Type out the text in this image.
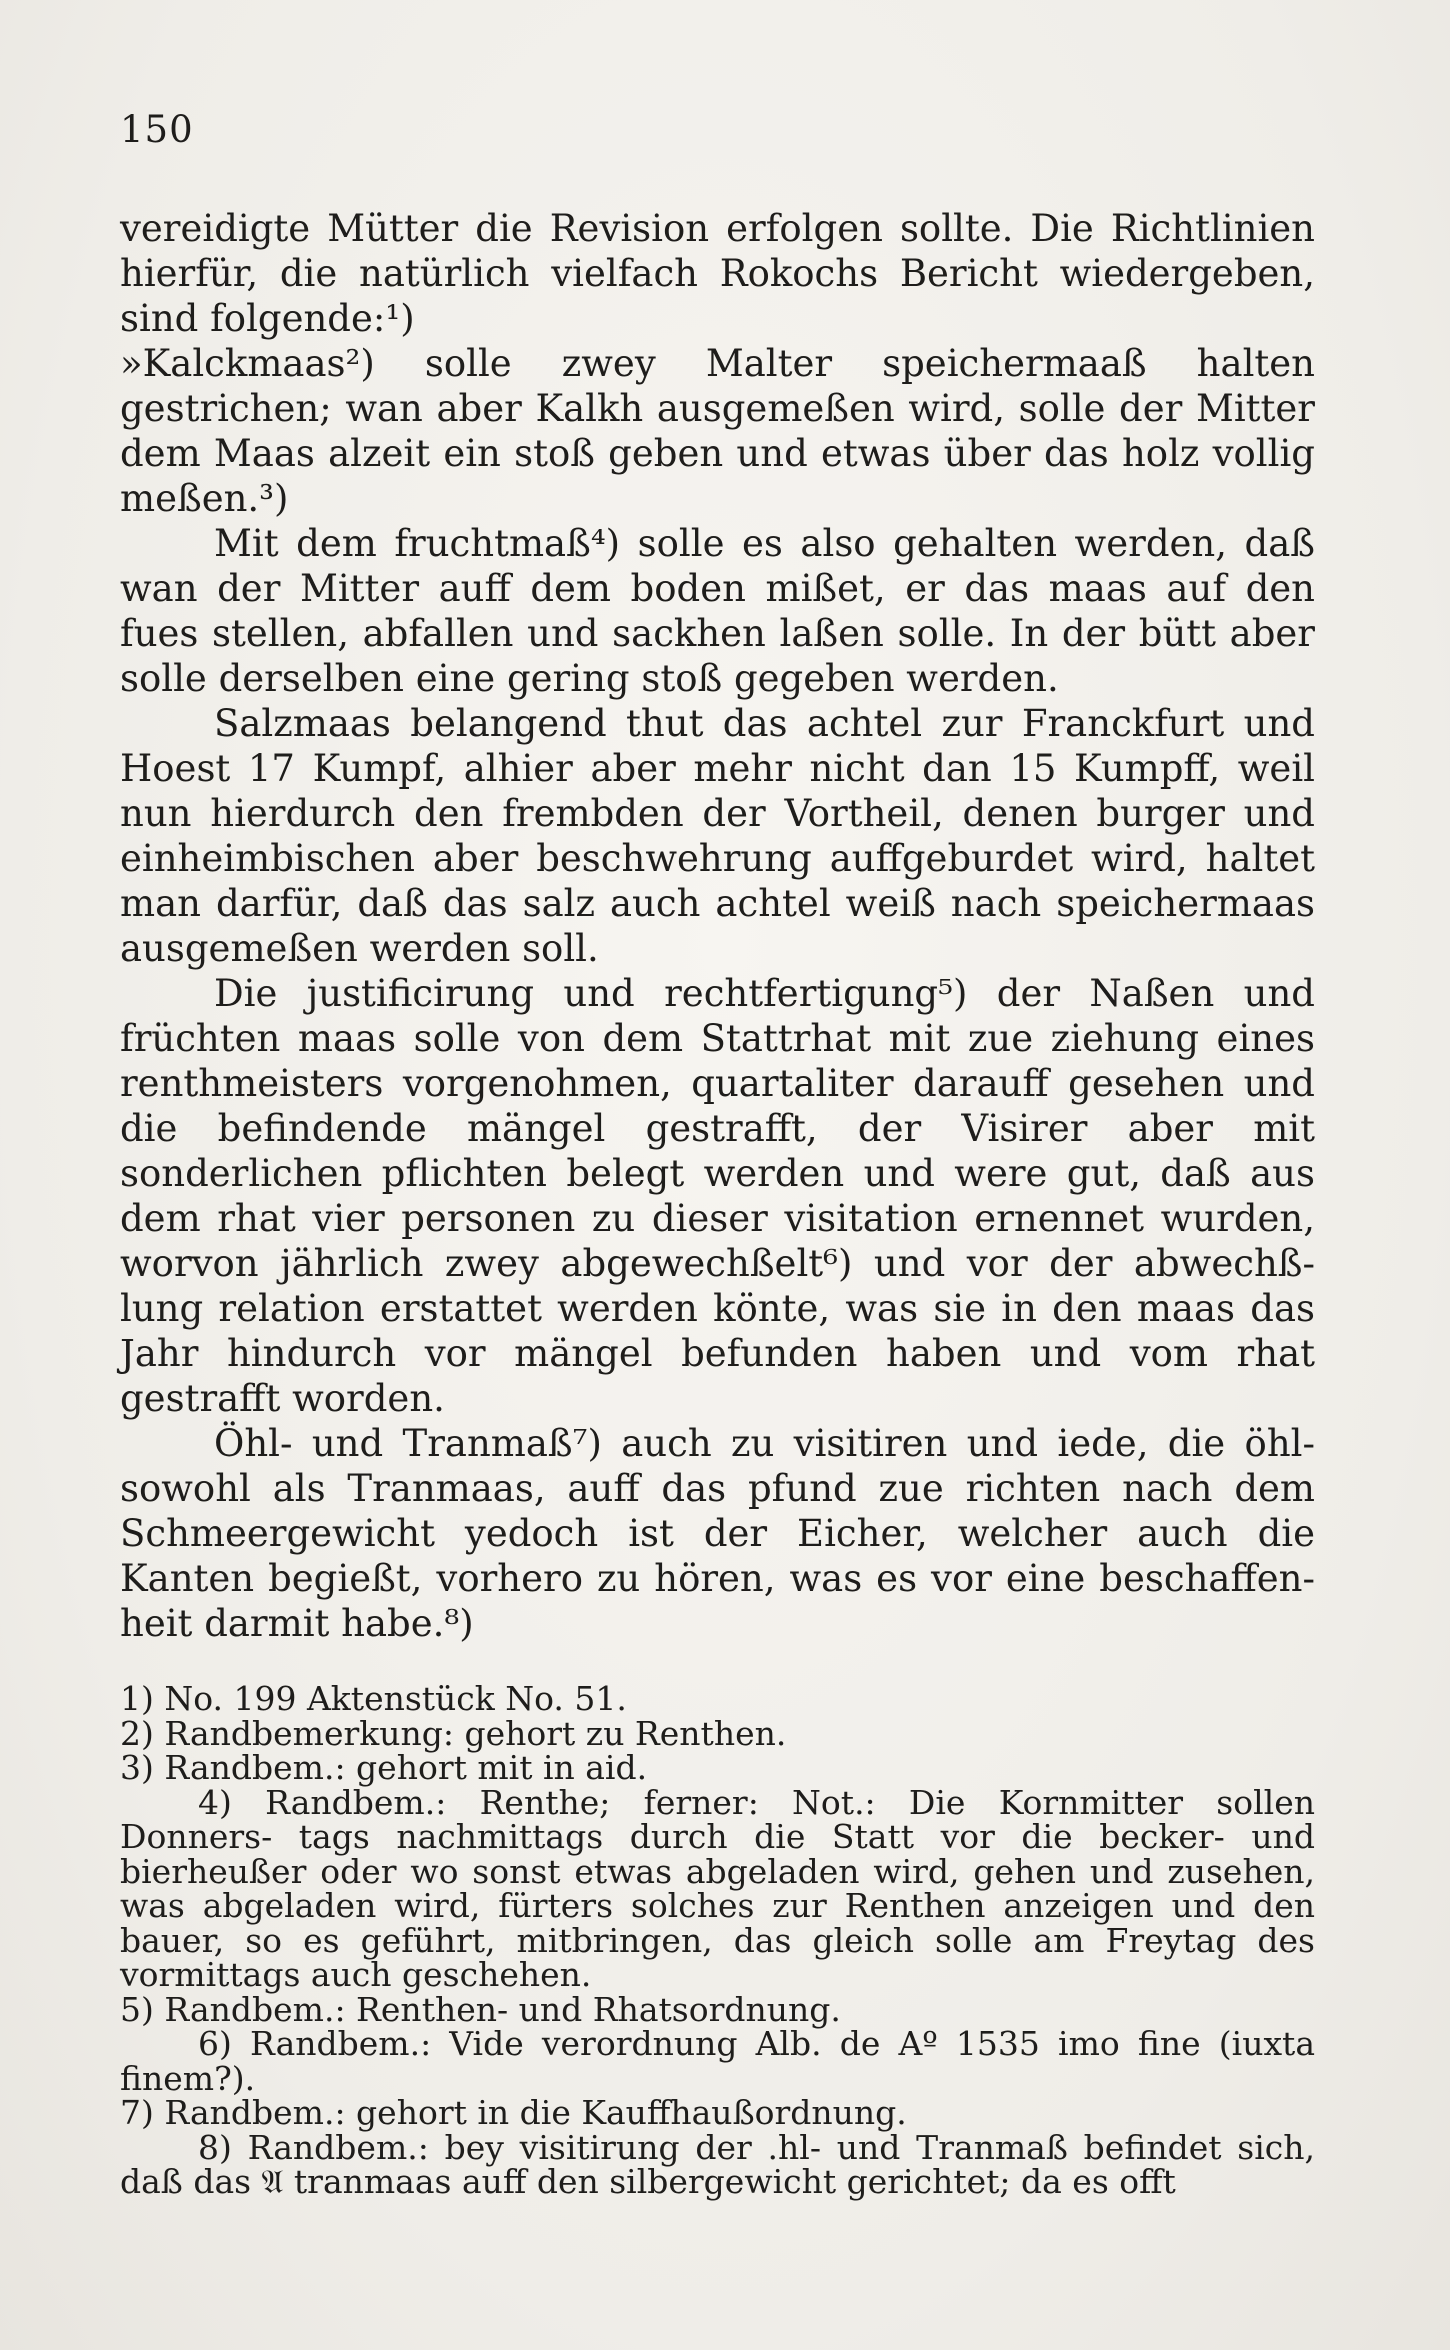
150

vereidigte Mütter die Revision erfolgen sollte. Die Richtlinien hierfür, die natürlich vielfach Rokochs Bericht wiedergeben, sind folgende:¹)

»Kalckmaas²) solle zwey Malter speichermaaß halten gestrichen; wan aber Kalkh ausgemeßen wird, solle der Mitter dem Maas alzeit ein stoß geben und etwas über das holz vollig meßen.³)

Mit dem fruchtmaß⁴) solle es also gehalten werden, daß wan der Mitter auff dem boden mißet, er das maas auf den fues stellen, abfallen und sackhen laßen solle. In der bütt aber solle derselben eine gering stoß gegeben werden.

Salzmaas belangend thut das achtel zur Franckfurt und Hoest 17 Kumpf, alhier aber mehr nicht dan 15 Kumpff, weil nun hierdurch den frembden der Vortheil, denen burger und einheimbischen aber beschwehrung auffgeburdet wird, haltet man darfür, daß das salz auch achtel weiß nach speichermaas ausgemeßen werden soll.

Die justificirung und rechtfertigung⁵) der Naßen und früchten maas solle von dem Stattrhat mit zue ziehung eines renthmeisters vorgenohmen, quartaliter darauff gesehen und die befindende mängel gestrafft, der Visirer aber mit sonderlichen pflichten belegt werden und were gut, daß aus dem rhat vier personen zu dieser visitation ernennet wurden, worvon jährlich zwey abgewechßelt⁶) und vor der abwechß- lung relation erstattet werden könte, was sie in den maas das Jahr hindurch vor mängel befunden haben und vom rhat gestrafft worden.

Öhl- und Tranmaß⁷) auch zu visitiren und iede, die öhl- sowohl als Tranmaas, auff das pfund zue richten nach dem Schmeergewicht yedoch ist der Eicher, welcher auch die Kanten begießt, vorhero zu hören, was es vor eine beschaffen- heit darmit habe.⁸)

1) No. 199 Aktenstück No. 51.

2) Randbemerkung: gehort zu Renthen.

3) Randbem.: gehort mit in aid.

4) Randbem.: Renthe; ferner: Not.: Die Kornmitter sollen Donners- tags nachmittags durch die Statt vor die becker- und bierheußer oder wo sonst etwas abgeladen wird, gehen und zusehen, was abgeladen wird, fürters solches zur Renthen anzeigen und den bauer, so es geführt, mitbringen, das gleich solle am Freytag des vormittags auch geschehen.

5) Randbem.: Renthen- und Rhatsordnung.

6) Randbem.: Vide verordnung Alb. de Aº 1535 imo fine (iuxta finem?).

7) Randbem.: gehort in die Kauffhaußordnung.

8) Randbem.: bey visitirung der .hl- und Tranmaß befindet sich, daß das 𝔄 tranmaas auff den silbergewicht gerichtet; da es offt
